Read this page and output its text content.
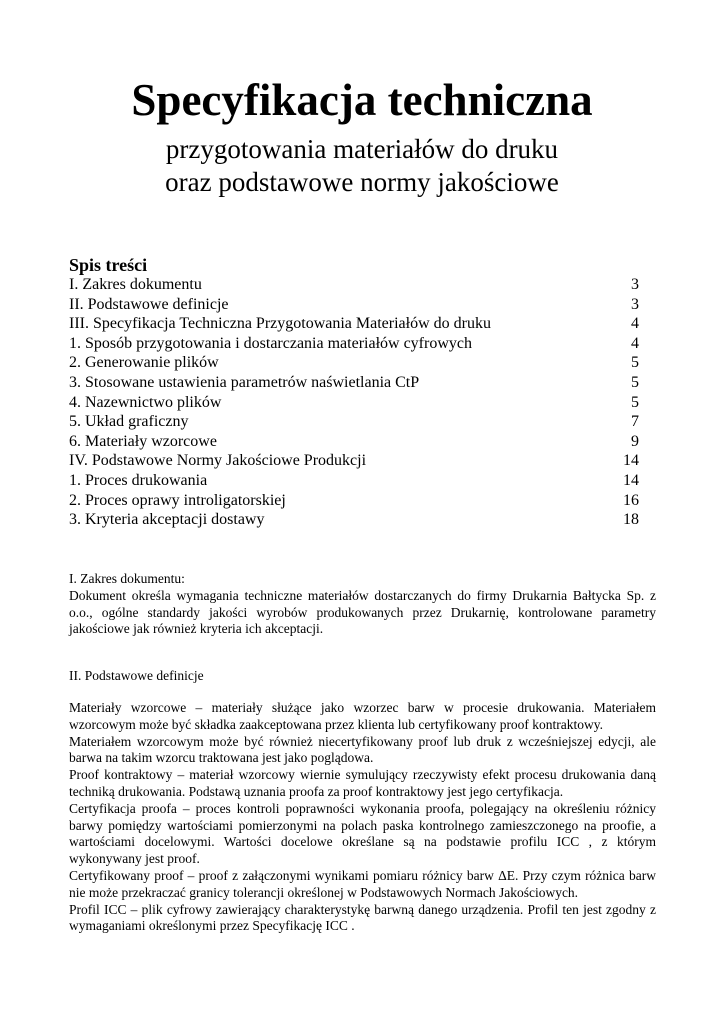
Specyfikacja techniczna
przygotowania materiałów do druku
oraz podstawowe normy jakościowe
Spis treści
I. Zakres dokumentu	3
II. Podstawowe definicje	3
III. Specyfikacja Techniczna Przygotowania Materiałów do druku	4
1. Sposób przygotowania i dostarczania materiałów cyfrowych	4
2. Generowanie plików	5
3. Stosowane ustawienia parametrów naświetlania CtP	5
4. Nazewnictwo plików	5
5. Układ graficzny	7
6. Materiały wzorcowe	9
IV. Podstawowe Normy Jakościowe Produkcji	14
1. Proces drukowania	14
2. Proces oprawy introligatorskiej	16
3. Kryteria akceptacji dostawy	18

I. Zakres dokumentu:

Dokument określa wymagania techniczne materiałów dostarczanych do firmy Drukarnia Bałtycka Sp. z o.o., ogólne standardy jakości wyrobów produkowanych przez Drukarnię, kontrolowane parametry jakościowe jak również kryteria ich akceptacji.

II. Podstawowe definicje

Materiały wzorcowe – materiały służące jako wzorzec barw w procesie drukowania. Materiałem wzorcowym może być składka zaakceptowana przez klienta lub certyfikowany proof kontraktowy.

Materiałem wzorcowym może być również niecertyfikowany proof lub druk z wcześniejszej edycji, ale barwa na takim wzorcu traktowana jest jako poglądowa.

Proof kontraktowy – materiał wzorcowy wiernie symulujący rzeczywisty efekt procesu drukowania daną techniką drukowania. Podstawą uznania proofa za proof kontraktowy jest jego certyfikacja.

Certyfikacja proofa – proces kontroli poprawności wykonania proofa, polegający na określeniu różnicy barwy pomiędzy wartościami pomierzonymi na polach paska kontrolnego zamieszczonego na proofie, a wartościami docelowymi. Wartości docelowe określane są na podstawie profilu ICC , z którym wykonywany jest proof.

Certyfikowany proof – proof z załączonymi wynikami pomiaru różnicy barw ΔE. Przy czym różnica barw nie może przekraczać granicy tolerancji określonej w Podstawowych Normach Jakościowych.

Profil ICC – plik cyfrowy zawierający charakterystykę barwną danego urządzenia. Profil ten jest zgodny z wymaganiami określonymi przez Specyfikację ICC .
